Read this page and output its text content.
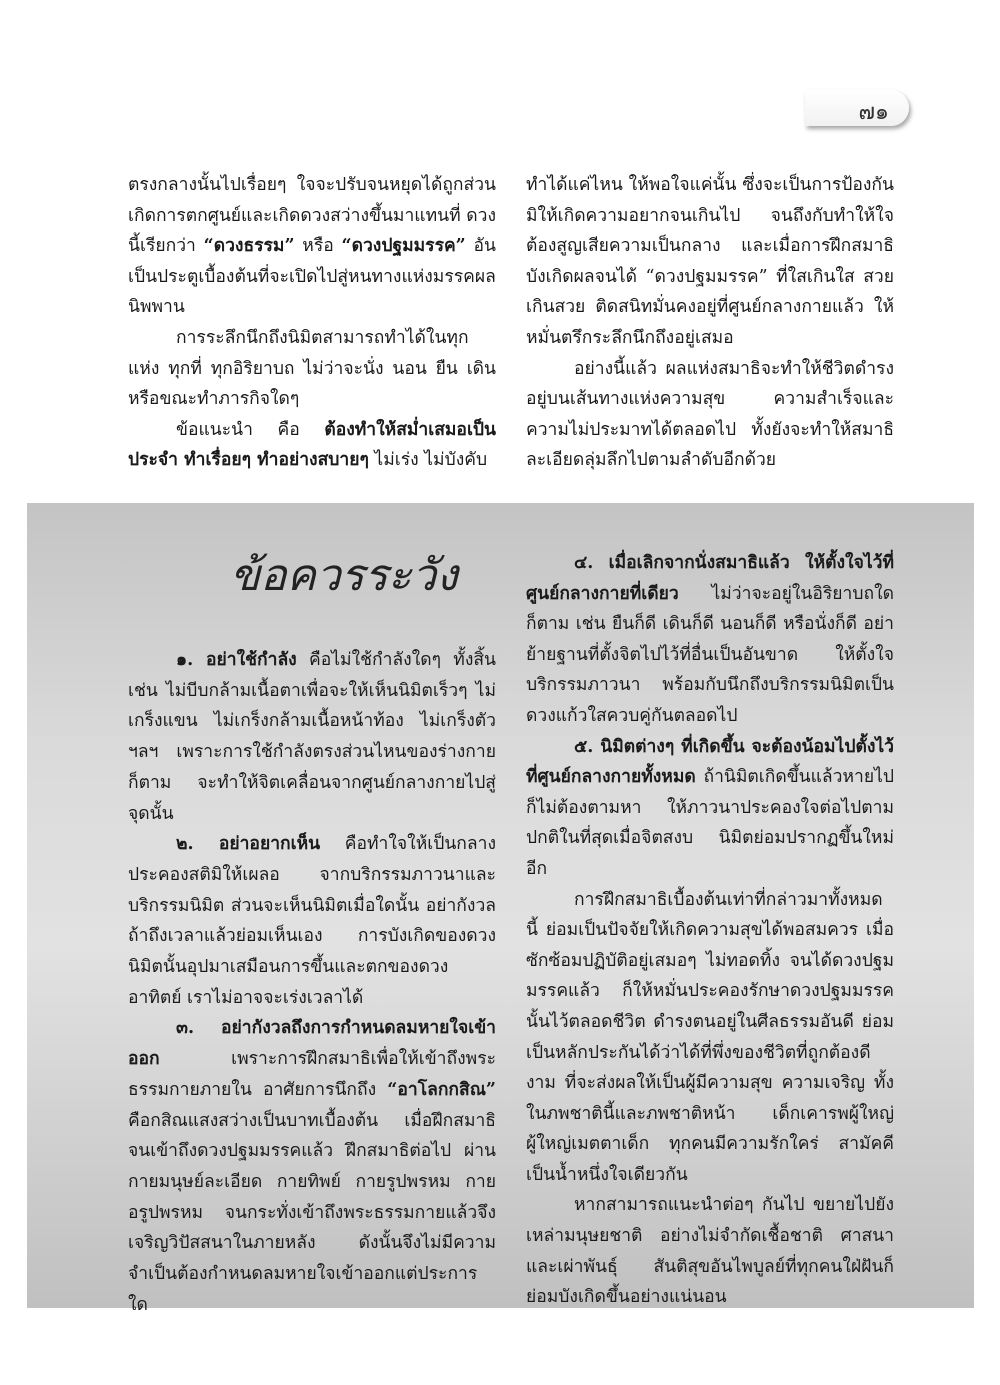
๗๑

ตรงกลางนั้นไปเรื่อยๆ ใจจะปรับจนหยุดได้ถูกส่วน เกิดการตกศูนย์และเกิดดวงสว่างขึ้นมาแทนที่ ดวงนี้เรียกว่า “ดวงธรรม” หรือ “ดวงปฐมมรรค” อันเป็นประตูเบื้องต้นที่จะเปิดไปสู่หนทางแห่งมรรคผลนิพพาน

การระลึกนึกถึงนิมิตสามารถทำได้ในทุกแห่ง ทุกที่ ทุกอิริยาบถ ไม่ว่าจะนั่ง นอน ยืน เดิน หรือขณะทำภารกิจใดๆ

ข้อแนะนำ คือ ต้องทำให้สม่ำเสมอเป็นประจำ ทำเรื่อยๆ ทำอย่างสบายๆ ไม่เร่ง ไม่บังคับ

ทำได้แค่ไหน ให้พอใจแค่นั้น ซึ่งจะเป็นการป้องกันมิให้เกิดความอยากจนเกินไป จนถึงกับทำให้ใจต้องสูญเสียความเป็นกลาง และเมื่อการฝึกสมาธิบังเกิดผลจนได้ “ดวงปฐมมรรค” ที่ใสเกินใส สวยเกินสวย ติดสนิทมั่นคงอยู่ที่ศูนย์กลางกายแล้ว ให้หมั่นตรึกระลึกนึกถึงอยู่เสมอ

อย่างนี้แล้ว ผลแห่งสมาธิจะทำให้ชีวิตดำรงอยู่บนเส้นทางแห่งความสุข ความสำเร็จและความไม่ประมาทได้ตลอดไป ทั้งยังจะทำให้สมาธิละเอียดลุ่มลึกไปตามลำดับอีกด้วย

ข้อควรระวัง

๑. อย่าใช้กำลัง คือไม่ใช้กำลังใดๆ ทั้งสิ้น เช่น ไม่บีบกล้ามเนื้อตาเพื่อจะให้เห็นนิมิตเร็วๆ ไม่เกร็งแขน ไม่เกร็งกล้ามเนื้อหน้าท้อง ไม่เกร็งตัว ฯลฯ เพราะการใช้กำลังตรงส่วนไหนของร่างกายก็ตาม จะทำให้จิตเคลื่อนจากศูนย์กลางกายไปสู่จุดนั้น

๒. อย่าอยากเห็น คือทำใจให้เป็นกลาง ประคองสติมิให้เผลอ จากบริกรรมภาวนาและบริกรรมนิมิต ส่วนจะเห็นนิมิตเมื่อใดนั้น อย่ากังวล ถ้าถึงเวลาแล้วย่อมเห็นเอง การบังเกิดของดวงนิมิตนั้นอุปมาเสมือนการขึ้นและตกของดวงอาทิตย์ เราไม่อาจจะเร่งเวลาได้

๓. อย่ากังวลถึงการกำหนดลมหายใจเข้าออก เพราะการฝึกสมาธิเพื่อให้เข้าถึงพระธรรมกายภายใน อาศัยการนึกถึง “อาโลกกสิณ” คือกสิณแสงสว่างเป็นบาทเบื้องต้น เมื่อฝึกสมาธิจนเข้าถึงดวงปฐมมรรคแล้ว ฝึกสมาธิต่อไป ผ่านกายมนุษย์ละเอียด กายทิพย์ กายรูปพรหม กายอรูปพรหม จนกระทั่งเข้าถึงพระธรรมกายแล้วจึงเจริญวิปัสสนาในภายหลัง ดังนั้นจึงไม่มีความจำเป็นต้องกำหนดลมหายใจเข้าออกแต่ประการใด

๔. เมื่อเลิกจากนั่งสมาธิแล้ว ให้ตั้งใจไว้ที่ศูนย์กลางกายที่เดียว ไม่ว่าจะอยู่ในอิริยาบถใดก็ตาม เช่น ยืนก็ดี เดินก็ดี นอนก็ดี หรือนั่งก็ดี อย่าย้ายฐานที่ตั้งจิตไปไว้ที่อื่นเป็นอันขาด ให้ตั้งใจบริกรรมภาวนา พร้อมกับนึกถึงบริกรรมนิมิตเป็นดวงแก้วใสควบคู่กันตลอดไป

๕. นิมิตต่างๆ ที่เกิดขึ้น จะต้องน้อมไปตั้งไว้ที่ศูนย์กลางกายทั้งหมด ถ้านิมิตเกิดขึ้นแล้วหายไปก็ไม่ต้องตามหา ให้ภาวนาประคองใจต่อไปตามปกติในที่สุดเมื่อจิตสงบ นิมิตย่อมปรากฏขึ้นใหม่อีก

การฝึกสมาธิเบื้องต้นเท่าที่กล่าวมาทั้งหมดนี้ ย่อมเป็นปัจจัยให้เกิดความสุขได้พอสมควร เมื่อซักซ้อมปฏิบัติอยู่เสมอๆ ไม่ทอดทิ้ง จนได้ดวงปฐมมรรคแล้ว ก็ให้หมั่นประคองรักษาดวงปฐมมรรคนั้นไว้ตลอดชีวิต ดำรงตนอยู่ในศีลธรรมอันดี ย่อมเป็นหลักประกันได้ว่าได้ที่พึ่งของชีวิตที่ถูกต้องดีงาม ที่จะส่งผลให้เป็นผู้มีความสุข ความเจริญ ทั้งในภพชาตินี้และภพชาติหน้า เด็กเคารพผู้ใหญ่ ผู้ใหญ่เมตตาเด็ก ทุกคนมีความรักใคร่ สามัคคีเป็นน้ำหนึ่งใจเดียวกัน

หากสามารถแนะนำต่อๆ กันไป ขยายไปยังเหล่ามนุษยชาติ อย่างไม่จำกัดเชื้อชาติ ศาสนา และเผ่าพันธุ์ สันติสุขอันไพบูลย์ที่ทุกคนใฝ่ฝันก็ย่อมบังเกิดขึ้นอย่างแน่นอน
